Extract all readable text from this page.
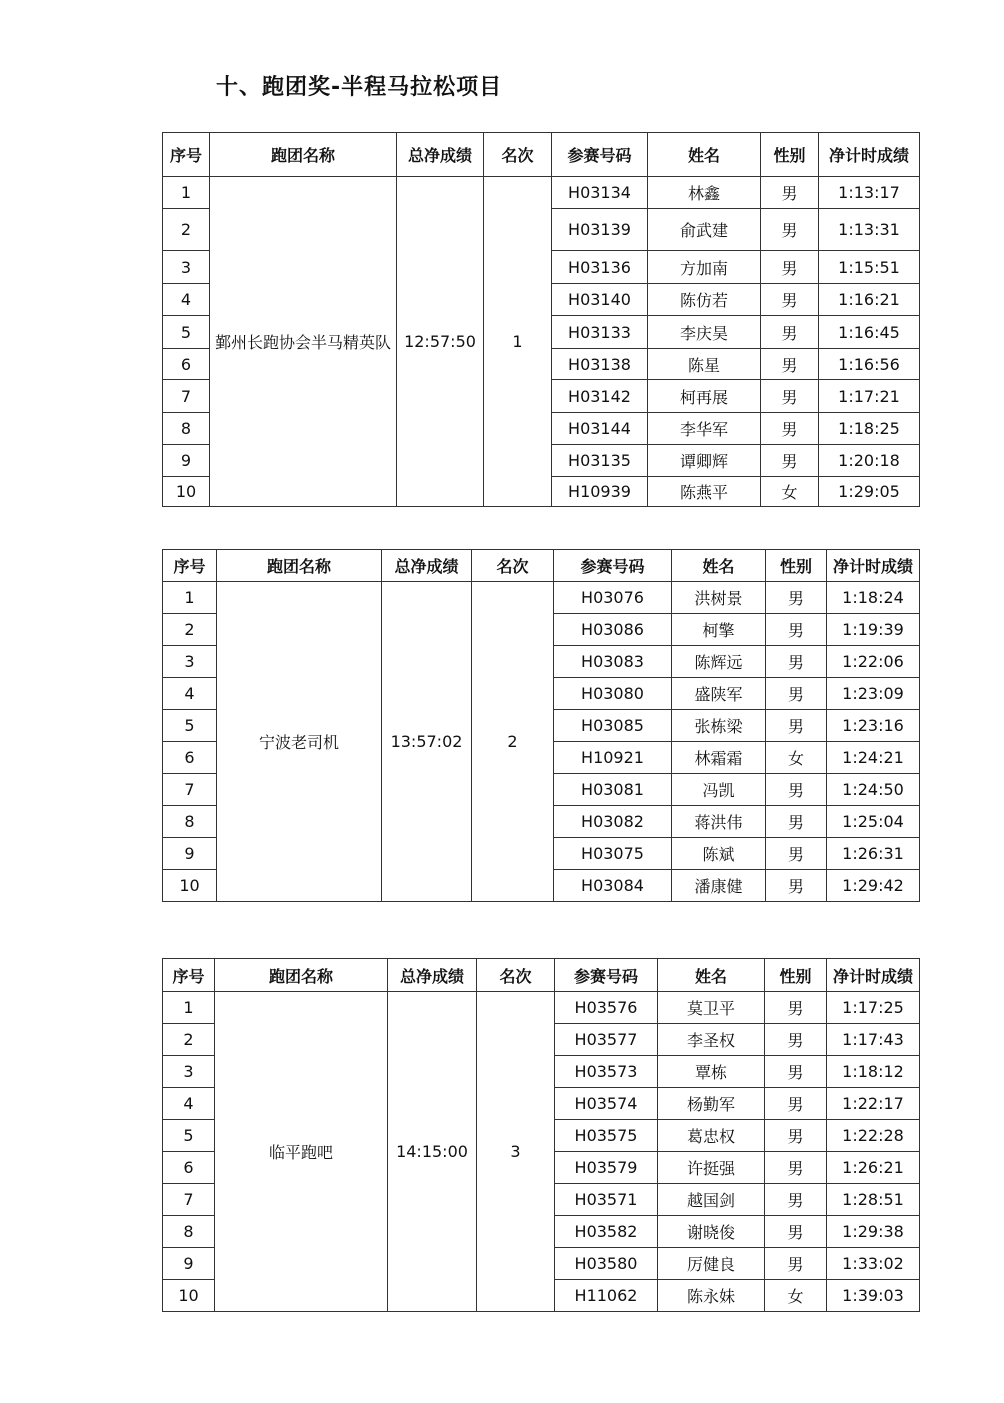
十、跑团奖-半程马拉松项目
序号	跑团名称	总净成绩	名次	参赛号码	姓名	性别	净计时成绩
1	鄞州长跑协会半马精英队	12:57:50	1	H03134	林鑫	男	1:13:17
2				H03139	俞武建	男	1:13:31
3				H03136	方加南	男	1:15:51
4				H03140	陈仿若	男	1:16:21
5				H03133	李庆昊	男	1:16:45
6				H03138	陈星	男	1:16:56
7				H03142	柯再展	男	1:17:21
8				H03144	李华军	男	1:18:25
9				H03135	谭卿辉	男	1:20:18
10				H10939	陈燕平	女	1:29:05
序号	跑团名称	总净成绩	名次	参赛号码	姓名	性别	净计时成绩
1	宁波老司机	13:57:02	2	H03076	洪树景	男	1:18:24
2				H03086	柯擎	男	1:19:39
3				H03083	陈辉远	男	1:22:06
4				H03080	盛陕军	男	1:23:09
5				H03085	张栋梁	男	1:23:16
6				H10921	林霜霜	女	1:24:21
7				H03081	冯凯	男	1:24:50
8				H03082	蒋洪伟	男	1:25:04
9				H03075	陈斌	男	1:26:31
10				H03084	潘康健	男	1:29:42
序号	跑团名称	总净成绩	名次	参赛号码	姓名	性别	净计时成绩
1	临平跑吧	14:15:00	3	H03576	莫卫平	男	1:17:25
2				H03577	李圣权	男	1:17:43
3				H03573	覃栋	男	1:18:12
4				H03574	杨勤军	男	1:22:17
5				H03575	葛忠权	男	1:22:28
6				H03579	许挺强	男	1:26:21
7				H03571	越国剑	男	1:28:51
8				H03582	谢晓俊	男	1:29:38
9				H03580	厉健良	男	1:33:02
10				H11062	陈永妹	女	1:39:03
